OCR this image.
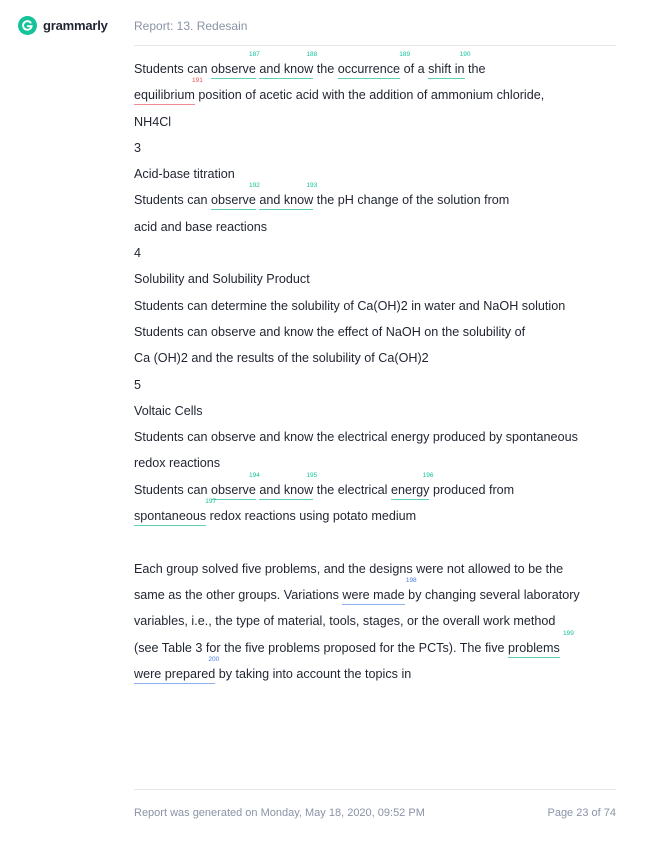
grammarly Report: 13. Redesain
Students can observe
187
and know
188
the occurrence
189
of a shift in
190
the
equilibrium
191
position of acetic acid with the addition of ammonium chloride,
NH4Cl
3
Acid-base titration
Students can observe
192
and know
193
the pH change of the solution from
acid and base reactions
4
Solubility and Solubility Product
Students can determine the solubility of Ca(OH)2 in water and NaOH solution
Students can observe and know the effect of NaOH on the solubility of
Ca (OH)2 and the results of the solubility of Ca(OH)2
5
Voltaic Cells
Students can observe and know the electrical energy produced by spontaneous
redox reactions
Students can observe
194
and know
195
the electrical energy
196
produced from
spontaneous
197
redox reactions using potato medium
Each group solved five problems, and the designs were not allowed to be the
same as the other groups. Variations were made
198
by changing several laboratory
variables, i.e., the type of material, tools, stages, or the overall work method
(see Table 3 for the five problems proposed for the PCTs). The five problems
199
were prepared
200
by taking into account the topics in
Report was generated on Monday, May 18, 2020, 09:52 PM	Page 23 of 74
